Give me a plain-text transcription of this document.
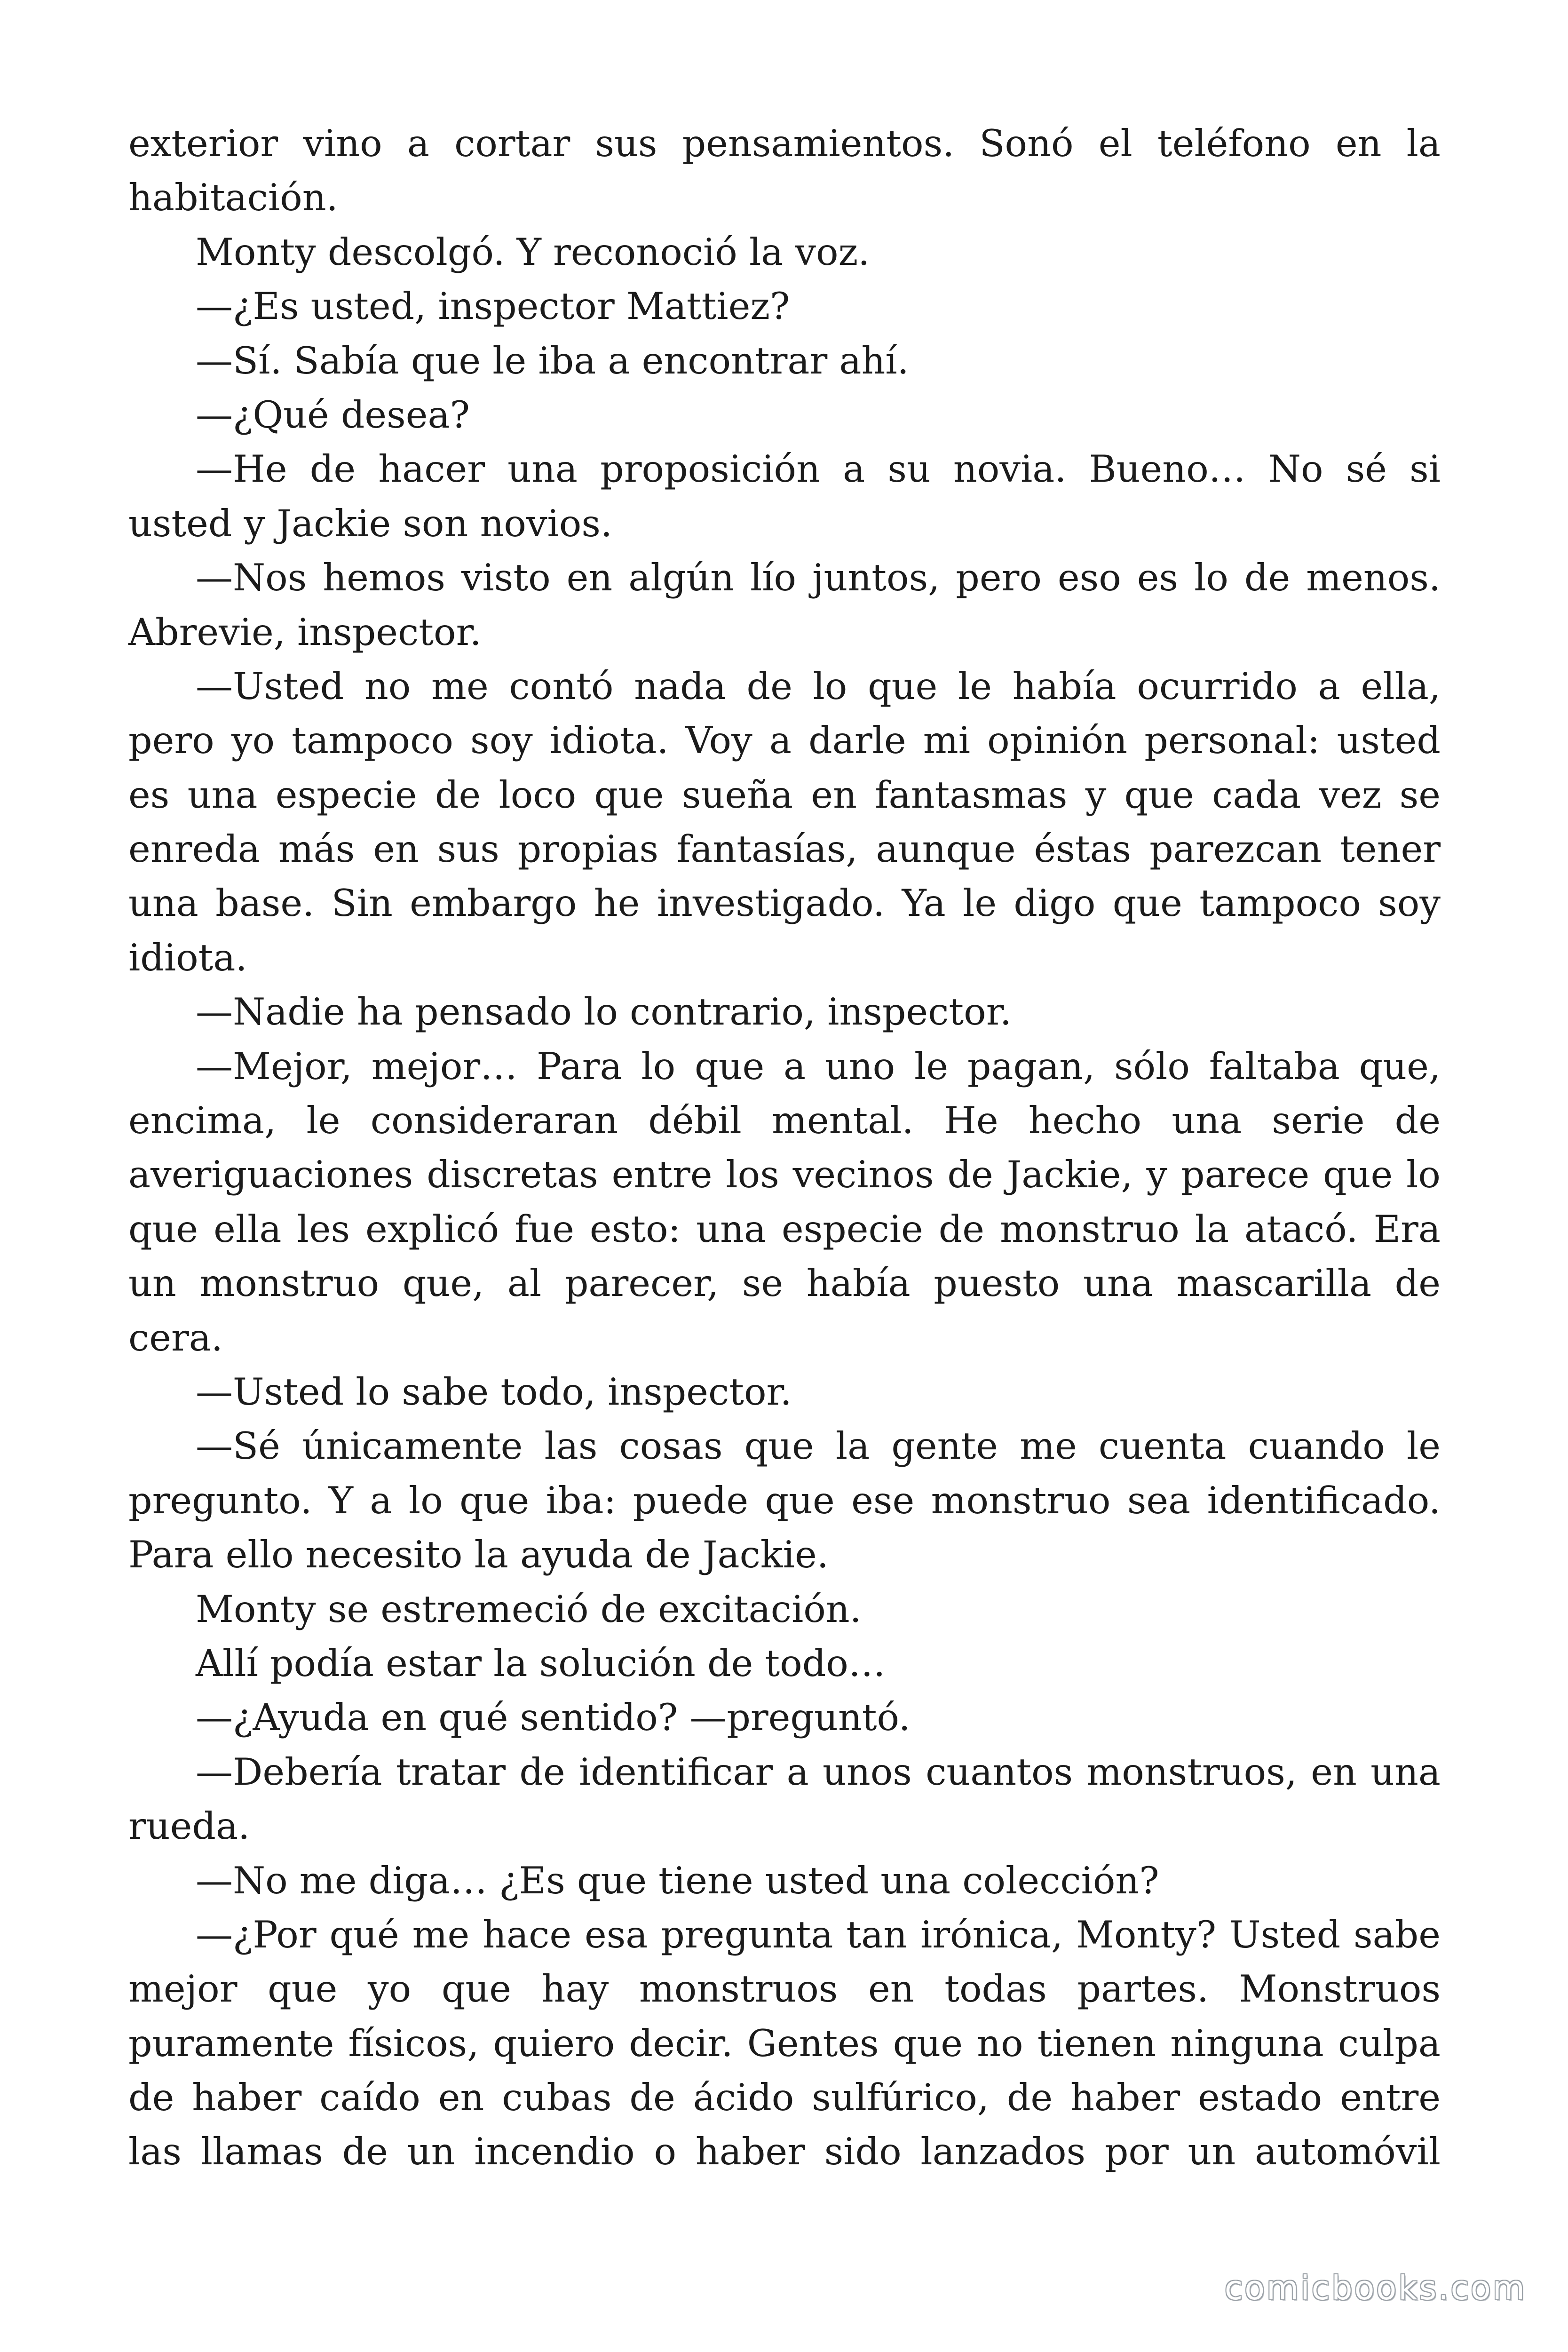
exterior vino a cortar sus pensamientos. Sonó el teléfono en la
habitación.
Monty descolgó. Y reconoció la voz.
—¿Es usted, inspector Mattiez?
—Sí. Sabía que le iba a encontrar ahí.
—¿Qué desea?
—He de hacer una proposición a su novia. Bueno… No sé si
usted y Jackie son novios.
—Nos hemos visto en algún lío juntos, pero eso es lo de menos.
Abrevie, inspector.
—Usted no me contó nada de lo que le había ocurrido a ella,
pero yo tampoco soy idiota. Voy a darle mi opinión personal: usted
es una especie de loco que sueña en fantasmas y que cada vez se
enreda más en sus propias fantasías, aunque éstas parezcan tener
una base. Sin embargo he investigado. Ya le digo que tampoco soy
idiota.
—Nadie ha pensado lo contrario, inspector.
—Mejor, mejor… Para lo que a uno le pagan, sólo faltaba que,
encima, le consideraran débil mental. He hecho una serie de
averiguaciones discretas entre los vecinos de Jackie, y parece que lo
que ella les explicó fue esto: una especie de monstruo la atacó. Era
un monstruo que, al parecer, se había puesto una mascarilla de
cera.
—Usted lo sabe todo, inspector.
—Sé únicamente las cosas que la gente me cuenta cuando le
pregunto. Y a lo que iba: puede que ese monstruo sea identificado.
Para ello necesito la ayuda de Jackie.
Monty se estremeció de excitación.
Allí podía estar la solución de todo…
—¿Ayuda en qué sentido? —preguntó.
—Debería tratar de identificar a unos cuantos monstruos, en una
rueda.
—No me diga… ¿Es que tiene usted una colección?
—¿Por qué me hace esa pregunta tan irónica, Monty? Usted sabe
mejor que yo que hay monstruos en todas partes. Monstruos
puramente físicos, quiero decir. Gentes que no tienen ninguna culpa
de haber caído en cubas de ácido sulfúrico, de haber estado entre
las llamas de un incendio o haber sido lanzados por un automóvil
comicbooks.com
